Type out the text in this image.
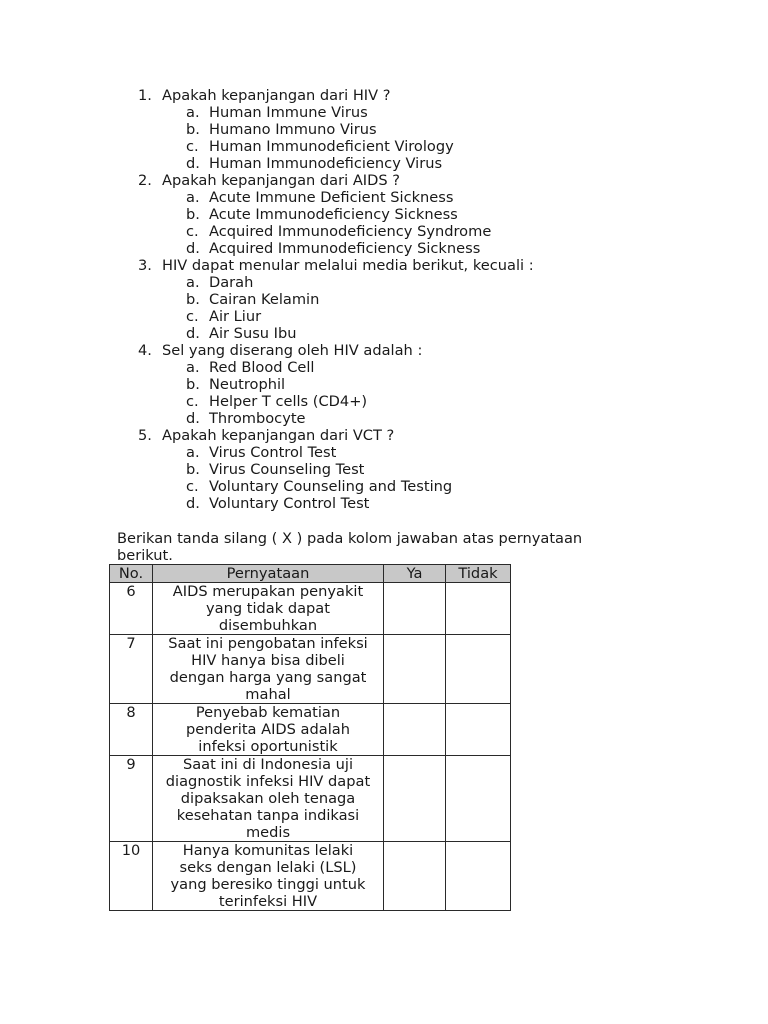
1. Apakah kepanjangan dari HIV ?
a. Human Immune Virus
b. Humano Immuno Virus
c. Human Immunodeficient Virology
d. Human Immunodeficiency Virus
2. Apakah kepanjangan dari AIDS ?
a. Acute Immune Deficient Sickness
b. Acute Immunodeficiency Sickness
c. Acquired Immunodeficiency Syndrome
d. Acquired Immunodeficiency Sickness
3. HIV dapat menular melalui media berikut, kecuali :
a. Darah
b. Cairan Kelamin
c. Air Liur
d. Air Susu Ibu
4. Sel yang diserang oleh HIV adalah :
a. Red Blood Cell
b. Neutrophil
c. Helper T cells (CD4+)
d. Thrombocyte
5. Apakah kepanjangan dari VCT ?
a. Virus Control Test
b. Virus Counseling Test
c. Voluntary Counseling and Testing
d. Voluntary Control Test
Berikan tanda silang ( X ) pada kolom jawaban atas pernyataan berikut.
No.	Pernyataan	Ya	Tidak
6	AIDS merupakan penyakit
yang tidak dapat
disembuhkan		

7	Saat ini pengobatan infeksi
HIV hanya bisa dibeli
dengan harga yang sangat
mahal		

8	Penyebab kematian
penderita AIDS adalah
infeksi oportunistik		

9	Saat ini di Indonesia uji
diagnostik infeksi HIV dapat
dipaksakan oleh tenaga
kesehatan tanpa indikasi
medis		

10	Hanya komunitas lelaki
seks dengan lelaki (LSL)
yang beresiko tinggi untuk
terinfeksi HIV		
